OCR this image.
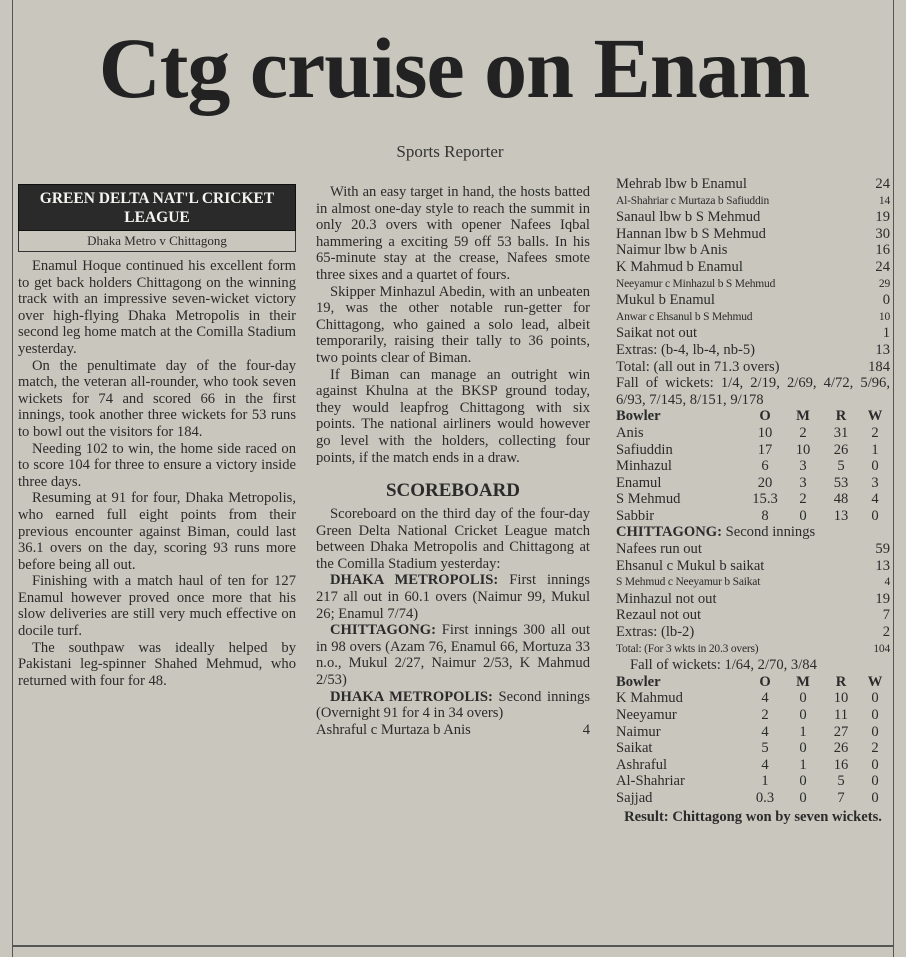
Ctg cruise on Enam
Sports Reporter
GREEN DELTA NAT'L CRICKET LEAGUE
Dhaka Metro v Chittagong

Enamul Hoque continued his excellent form to get back holders Chittagong on the winning track with an impressive seven-wicket victory over high-flying Dhaka Metropolis in their second leg home match at the Comilla Stadium yesterday.

On the penultimate day of the four-day match, the veteran all-rounder, who took seven wickets for 74 and scored 66 in the first innings, took another three wickets for 53 runs to bowl out the visitors for 184.

Needing 102 to win, the home side raced on to score 104 for three to ensure a victory inside three days.

Resuming at 91 for four, Dhaka Metropolis, who earned full eight points from their previous encounter against Biman, could last 36.1 overs on the day, scoring 93 runs more before being all out.

Finishing with a match haul of ten for 127 Enamul however proved once more that his slow deliveries are still very much effective on docile turf.

The southpaw was ideally helped by Pakistani leg-spinner Shahed Mehmud, who returned with four for 48.

With an easy target in hand, the hosts batted in almost one-day style to reach the summit in only 20.3 overs with opener Nafees Iqbal hammering a exciting 59 off 53 balls. In his 65-minute stay at the crease, Nafees smote three sixes and a quartet of fours.

Skipper Minhazul Abedin, with an unbeaten 19, was the other notable run-getter for Chittagong, who gained a solo lead, albeit temporarily, raising their tally to 36 points, two points clear of Biman.

If Biman can manage an outright win against Khulna at the BKSP ground today, they would leapfrog Chittagong with six points. The national airliners would however go level with the holders, collecting four points, if the match ends in a draw.

SCOREBOARD

Scoreboard on the third day of the four-day Green Delta National Cricket League match between Dhaka Metropolis and Chittagong at the Comilla Stadium yesterday:

DHAKA METROPOLIS: First innings 217 all out in 60.1 overs (Naimur 99, Mukul 26; Enamul 7/74)

CHITTAGONG: First innings 300 all out in 98 overs (Azam 76, Enamul 66, Mortuza 33 n.o., Mukul 2/27, Naimur 2/53, K Mahmud 2/53)

DHAKA METROPOLIS: Second innings (Overnight 91 for 4 in 34 overs)

Ashraful c Murtaza b Anis	4
Mehrab lbw b Enamul	24
Al-Shahriar c Murtaza b Safiuddin	14
Sanaul lbw b S Mehmud	19
Hannan lbw b S Mehmud	30
Naimur lbw b Anis	16
K Mahmud b Enamul	24
Neeyamur c Minhazul b S Mehmud	29
Mukul b Enamul	0
Anwar c Ehsanul b S Mehmud	10
Saikat not out	1
Extras: (b-4, lb-4, nb-5)	13
Total: (all out in 71.3 overs)	184

Fall of wickets: 1/4, 2/19, 2/69, 4/72, 5/96, 6/93, 7/145, 8/151, 9/178

Bowler	O	M	R	W
Anis	10	2	31	2
Safiuddin	17	10	26	1
Minhazul	6	3	5	0
Enamul	20	3	53	3
S Mehmud	15.3	2	48	4
Sabbir	8	0	13	0

CHITTAGONG: Second innings

Nafees run out	59
Ehsanul c Mukul b saikat	13
S Mehmud c Neeyamur b Saikat	4
Minhazul not out	19
Rezaul not out	7
Extras: (lb-2)	2
Total: (For 3 wkts in 20.3 overs)	104

Fall of wickets: 1/64, 2/70, 3/84

Bowler	O	M	R	W
K Mahmud	4	0	10	0
Neeyamur	2	0	11	0
Naimur	4	1	27	0
Saikat	5	0	26	2
Ashraful	4	1	16	0
Al-Shahriar	1	0	5	0
Sajjad	0.3	0	7	0
Result: Chittagong won by seven wickets.
